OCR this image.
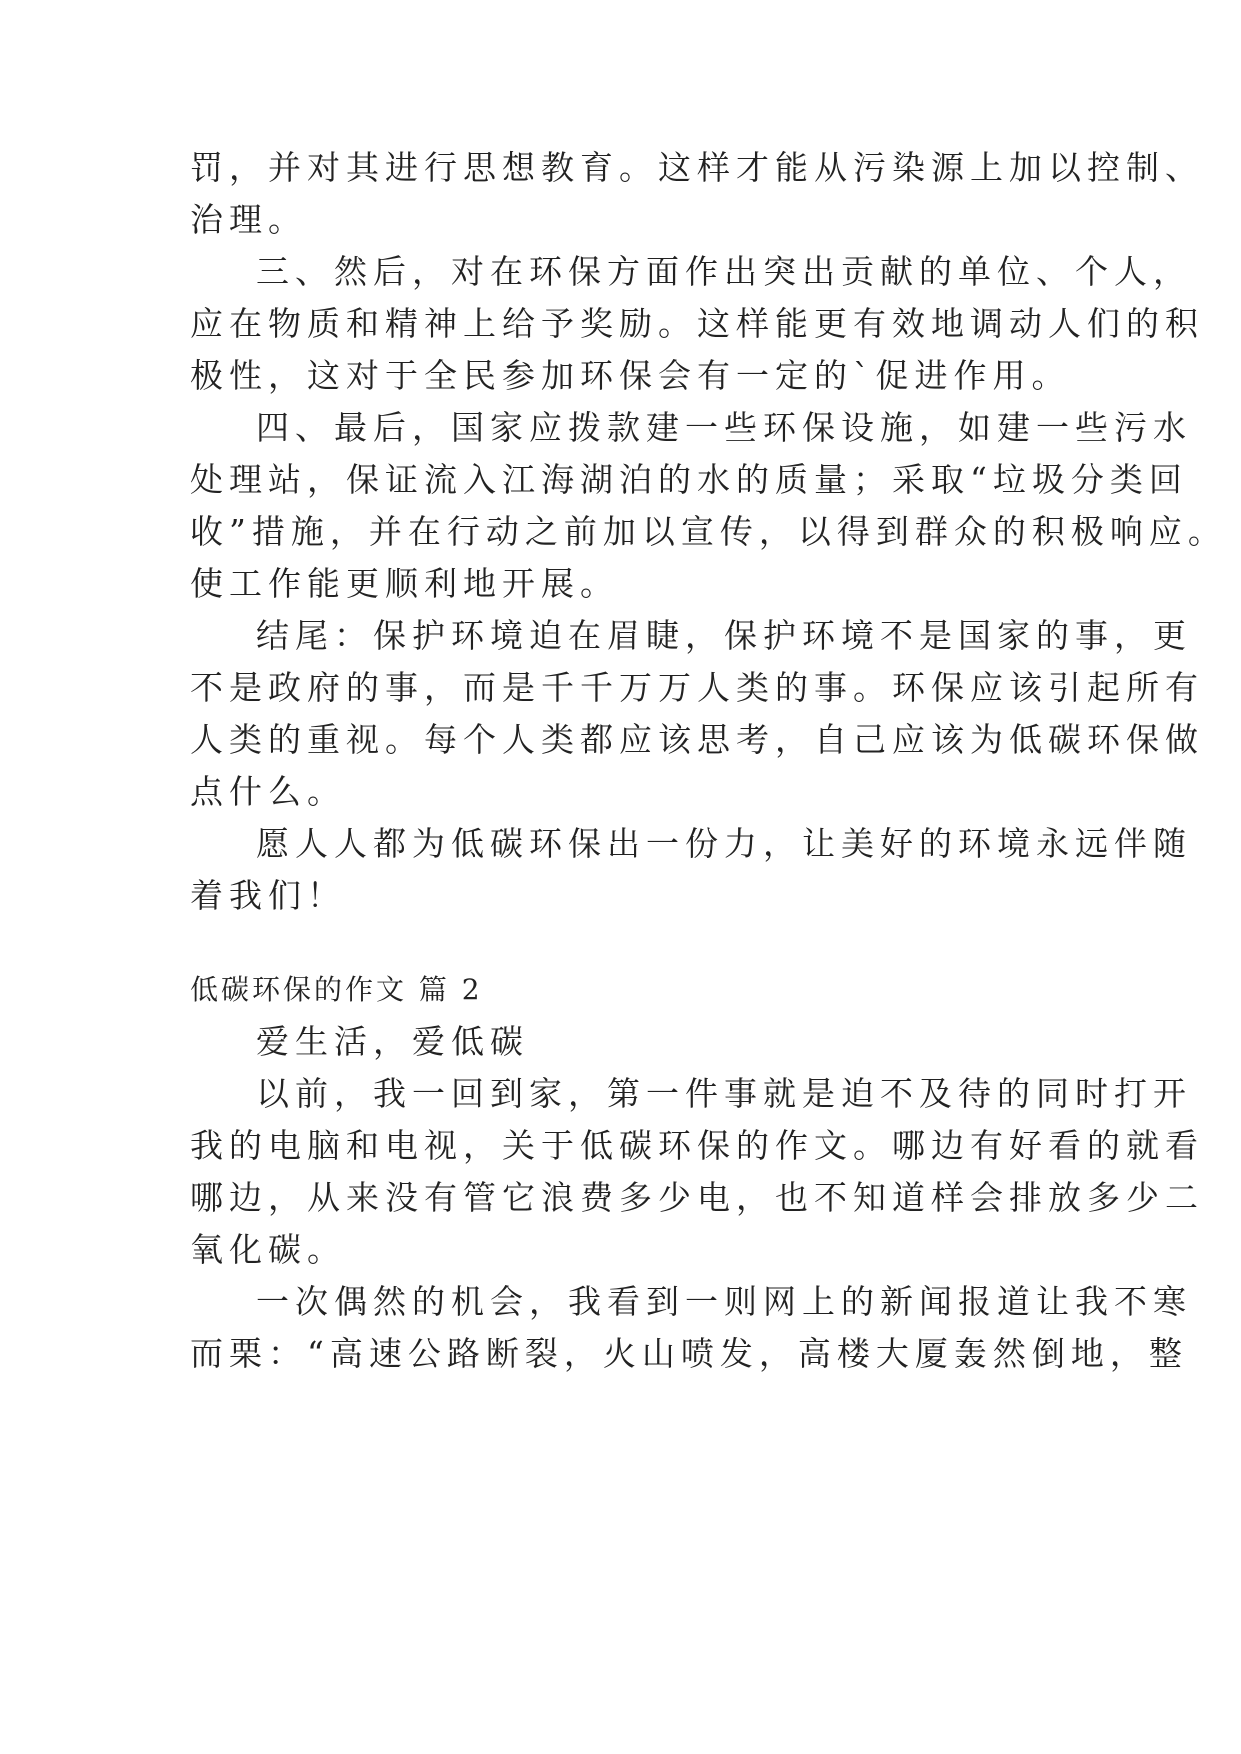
罚，并对其进行思想教育。这样才能从污染源上加以控制、
治理。
三、然后，对在环保方面作出突出贡献的单位、个人，
应在物质和精神上给予奖励。这样能更有效地调动人们的积
极性，这对于全民参加环保会有一定的`促进作用。
四、最后，国家应拨款建一些环保设施，如建一些污水
处理站，保证流入江海湖泊的水的质量；采取“垃圾分类回
收”措施，并在行动之前加以宣传，以得到群众的积极响应。
使工作能更顺利地开展。
结尾：保护环境迫在眉睫，保护环境不是国家的事，更
不是政府的事，而是千千万万人类的事。环保应该引起所有
人类的重视。每个人类都应该思考，自己应该为低碳环保做
点什么。
愿人人都为低碳环保出一份力，让美好的环境永远伴随
着我们！
低碳环保的作文 篇 2
爱生活，爱低碳
以前，我一回到家，第一件事就是迫不及待的同时打开
我的电脑和电视，关于低碳环保的作文。哪边有好看的就看
哪边，从来没有管它浪费多少电，也不知道样会排放多少二
氧化碳。
一次偶然的机会，我看到一则网上的新闻报道让我不寒
而栗：“高速公路断裂，火山喷发，高楼大厦轰然倒地，整
